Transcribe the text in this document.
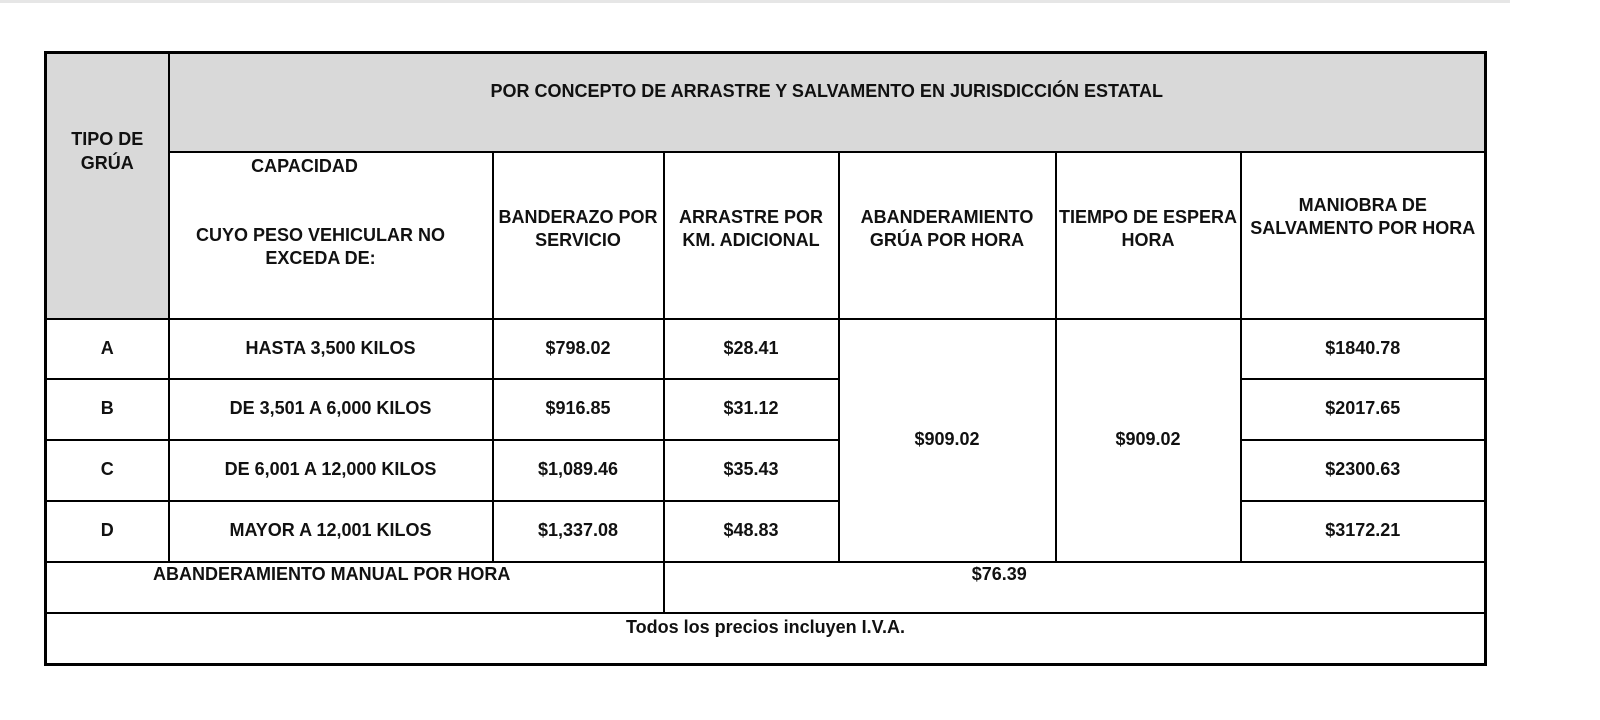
TIPO DE GRÚA	POR CONCEPTO DE ARRASTRE Y SALVAMENTO EN JURISDICCIÓN ESTATAL					

	CAPACIDAD
CUYO PESO VEHICULAR NO EXCEDA DE:	BANDERAZO POR SERVICIO	ARRASTRE POR KM. ADICIONAL	ABANDERAMIENTO GRÚA POR HORA	TIEMPO DE ESPERA HORA	MANIOBRA DE SALVAMENTO POR HORA
A	HASTA 3,500 KILOS	$798.02	$28.41	$909.02	$909.02	$1840.78
B	DE 3,501 A 6,000 KILOS	$916.85	$31.12			$2017.65
C	DE 6,001 A 12,000 KILOS	$1,089.46	$35.43			$2300.63
D	MAYOR A 12,001 KILOS	$1,337.08	$48.83			$3172.21
ABANDERAMIENTO MANUAL POR HORA			$76.39			
Todos los precios incluyen I.V.A.						
